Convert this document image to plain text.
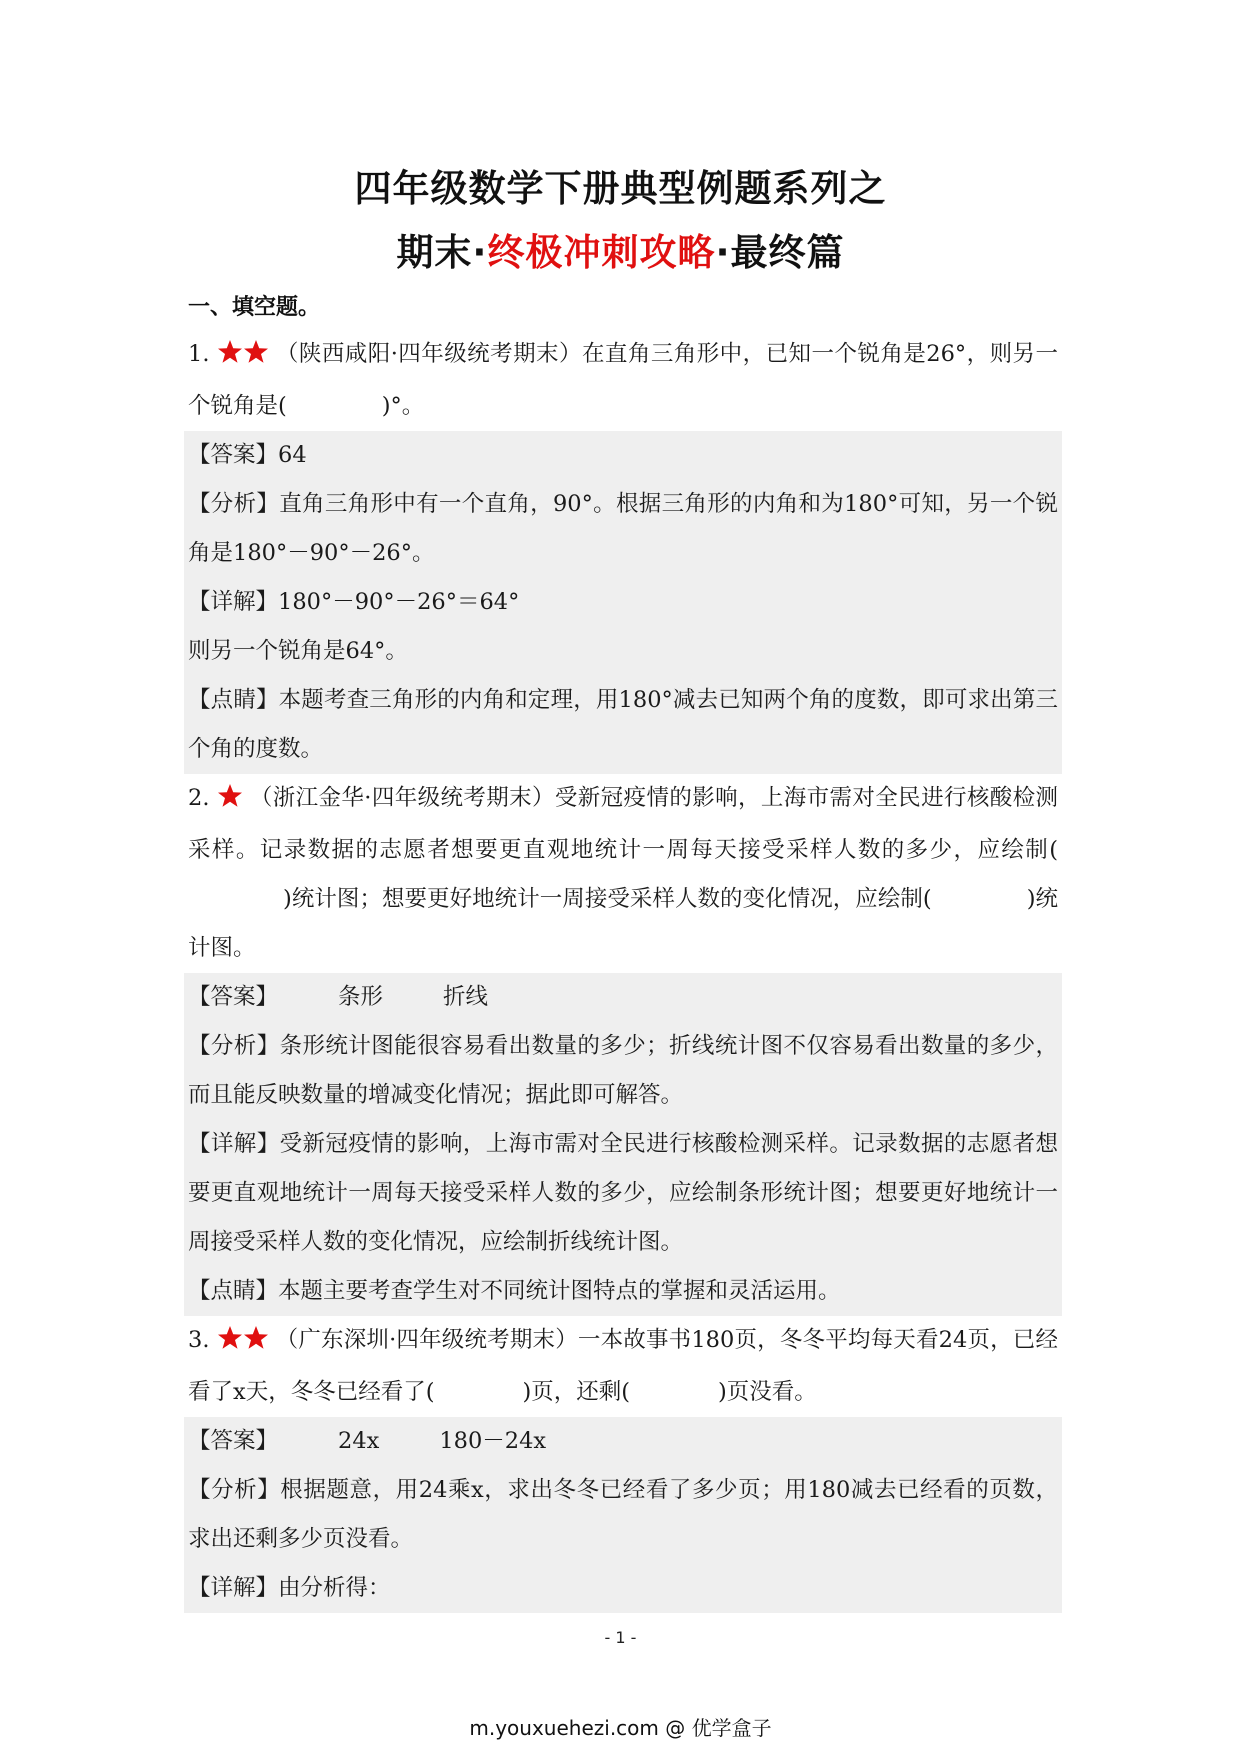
四年级数学下册典型例题系列之
期末·终极冲刺攻略·最终篇
一、填空题。
1.	（陕西咸阳·四年级统考期末）在直角三角形中，已知一个锐角是26°，则另一个锐角是(	)°。

【答案】64

【分析】直角三角形中有一个直角，90°。根据三角形的内角和为180°可知，另一个锐角是180°－90°－26°。

【详解】180°－90°－26°＝64°

则另一个锐角是64°。

【点睛】本题考查三角形的内角和定理，用180°减去已知两个角的度数，即可求出第三个角的度数。

2. （浙江金华·四年级统考期末）受新冠疫情的影响，上海市需对全民进行核酸检测采样。记录数据的志愿者想要更直观地统计一周每天接受采样人数的多少，应绘制()统计图；想要更好地统计一周接受采样人数的变化情况，应绘制(	)统计图。

【答案】	条形	折线

【分析】条形统计图能很容易看出数量的多少；折线统计图不仅容易看出数量的多少，而且能反映数量的增减变化情况；据此即可解答。

【详解】受新冠疫情的影响，上海市需对全民进行核酸检测采样。记录数据的志愿者想要更直观地统计一周每天接受采样人数的多少，应绘制条形统计图；想要更好地统计一周接受采样人数的变化情况，应绘制折线统计图。

【点睛】本题主要考查学生对不同统计图特点的掌握和灵活运用。

3.	（广东深圳·四年级统考期末）一本故事书180页，冬冬平均每天看24页，已经看了x天，冬冬已经看了(	)页，还剩(	)页没看。

【答案】	24x	180－24x

【分析】根据题意，用24乘x，求出冬冬已经看了多少页；用180减去已经看的页数，求出还剩多少页没看。

【详解】由分析得：

- 1 -
m.youxuehezi.com @ 优学盒子
